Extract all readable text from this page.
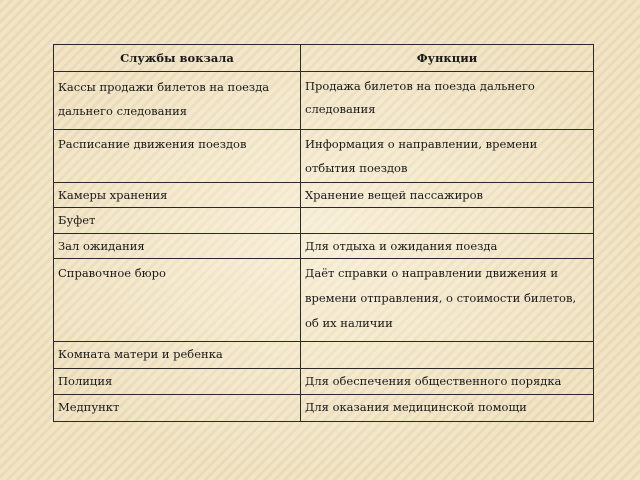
Службы вокзала	Функции
Кассы продажи билетов на поезда дальнего следования	Продажа билетов на поезда дальнего следования
Расписание движения поездов	Информация о направлении, времени отбытия поездов
Камеры хранения	Хранение вещей пассажиров
Буфет	
Зал ожидания	Для отдыха и ожидания поезда
Справочное бюро	Даёт справки о направлении движения и времени отправления, о стоимости билетов, об их наличии
Комната матери и ребенка	
Полиция	Для обеспечения общественного порядка
Медпункт	Для оказания медицинской помощи
